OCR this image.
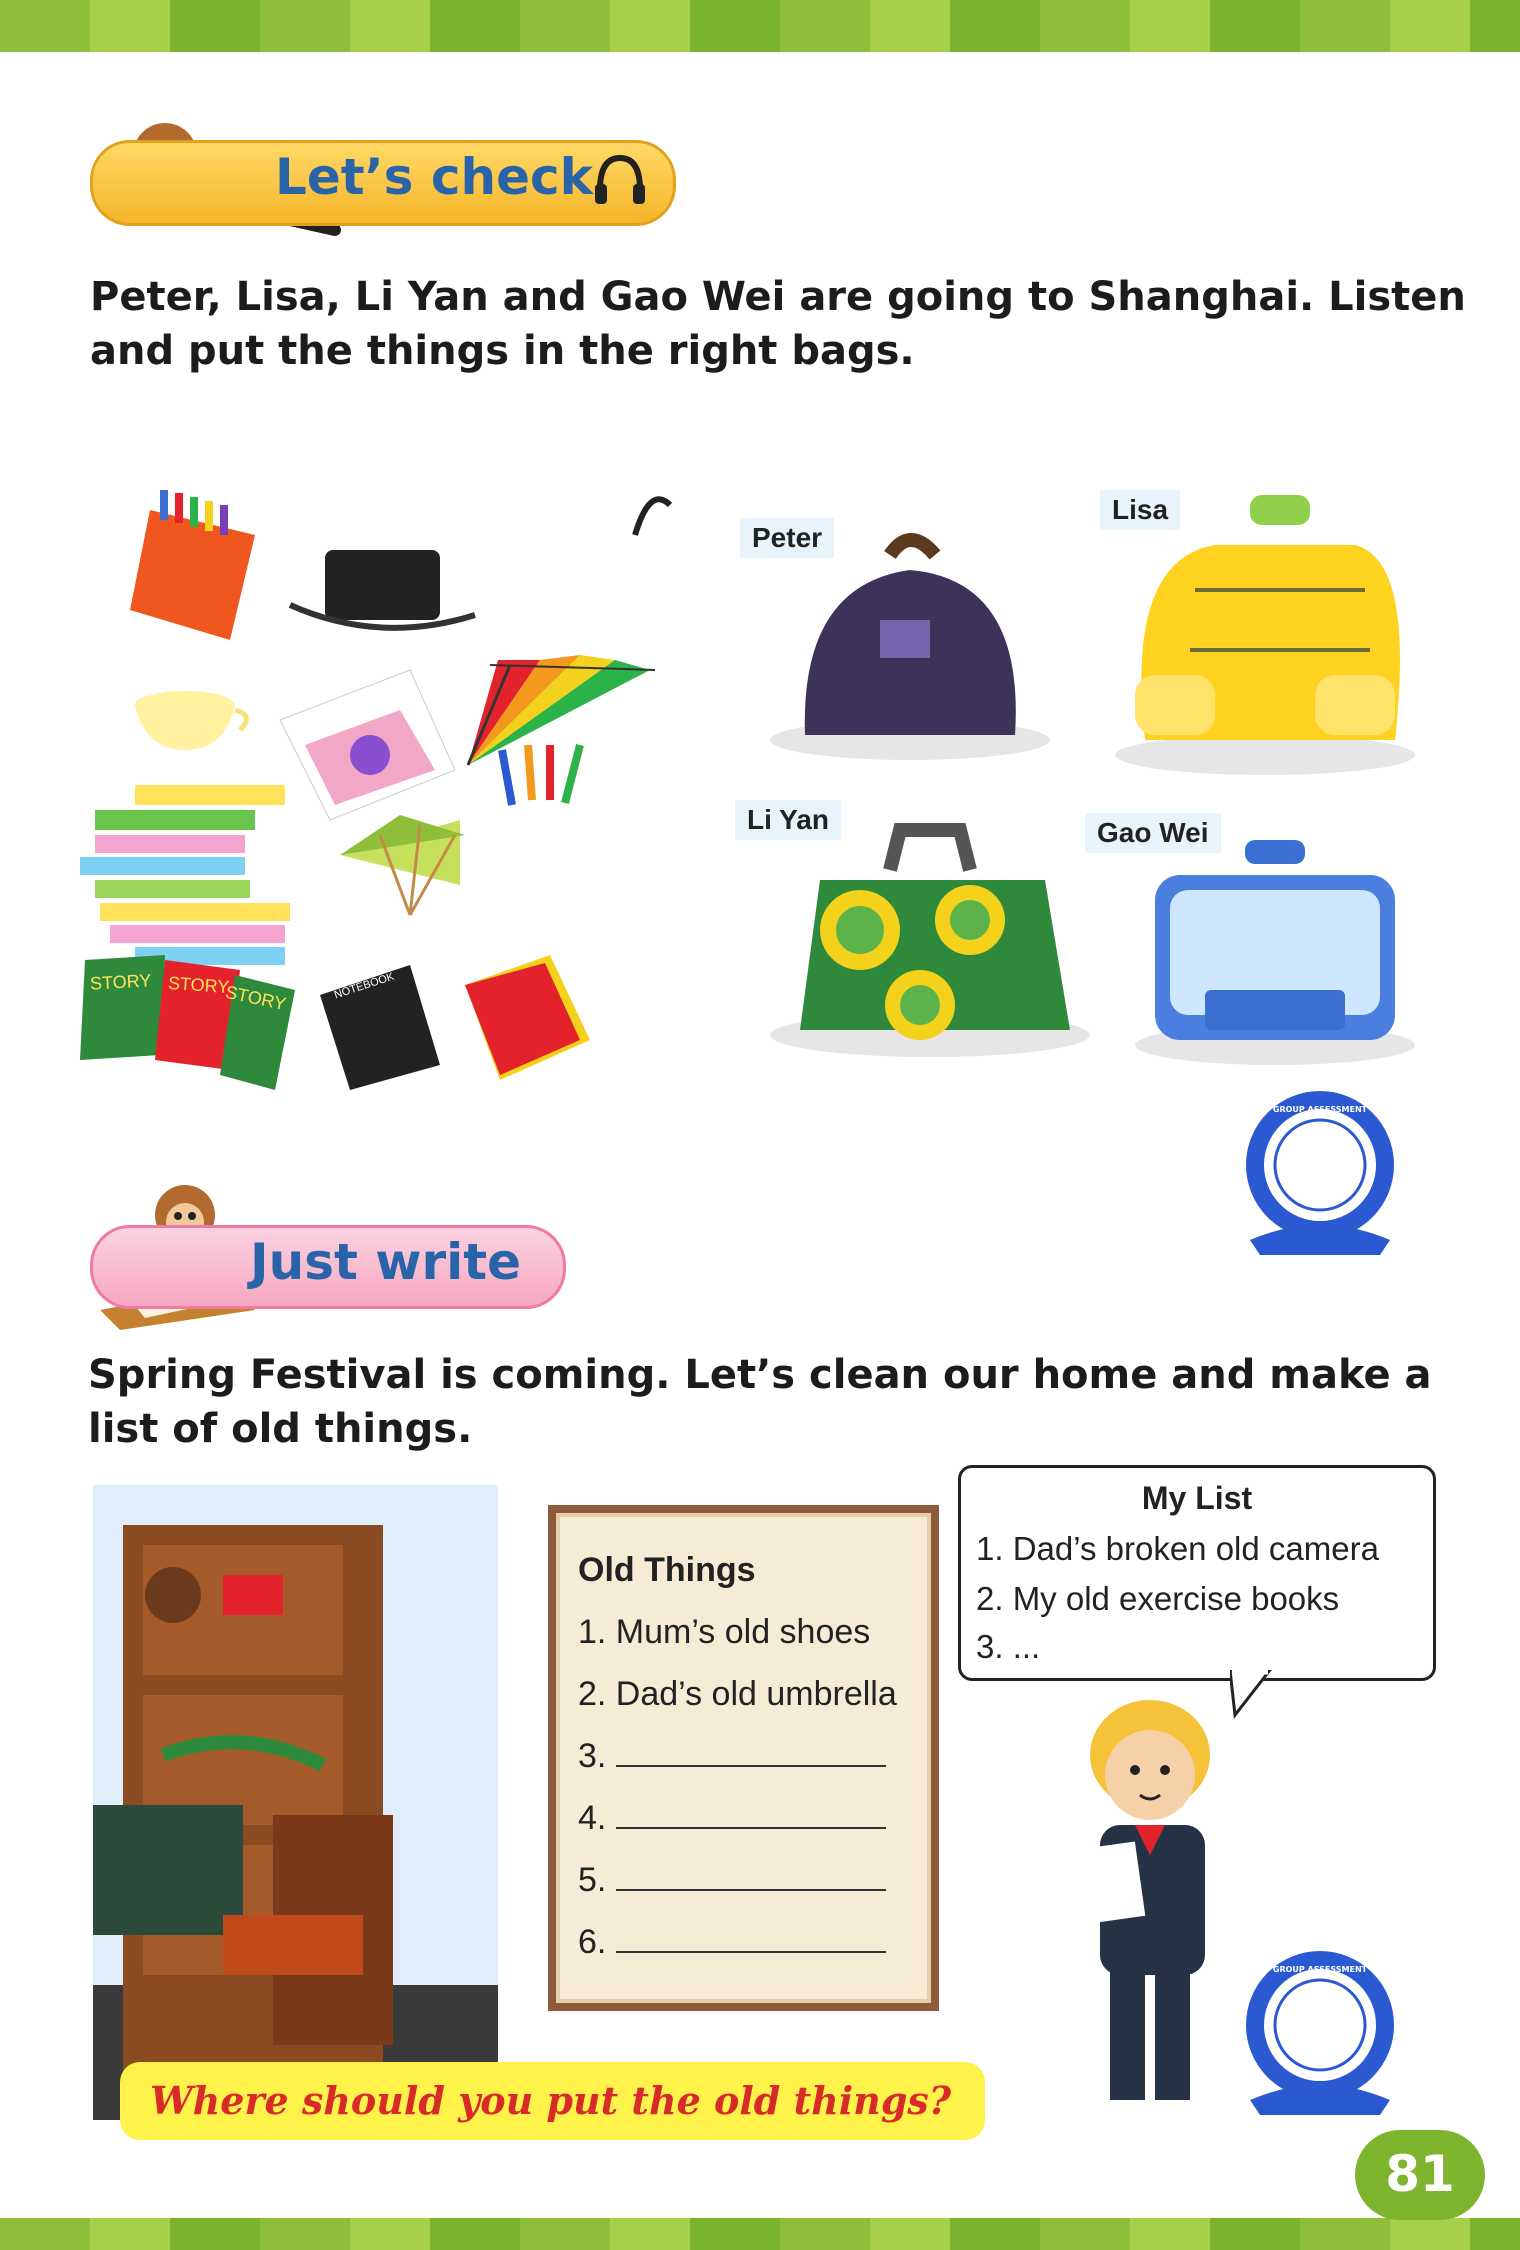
Let’s check
Peter, Lisa, Li Yan and Gao Wei are going to Shanghai. Listen
and put the things in the right bags.
STORY STORY
STORY	NOTEBOOK
Peter
Lisa
Li Yan	Gao Wei
GROUP ASSESSMENT
Just write
Spring Festival is coming. Let’s clean our home and make a
list of old things.
Old Things
1. Mum’s old shoes
2. Dad’s old umbrella
3.
4.
5.
6.
My List
1. Dad’s broken old camera
2. My old exercise books
3. ...
GROUP ASSESSMENT
Where should you put the old things?
81
